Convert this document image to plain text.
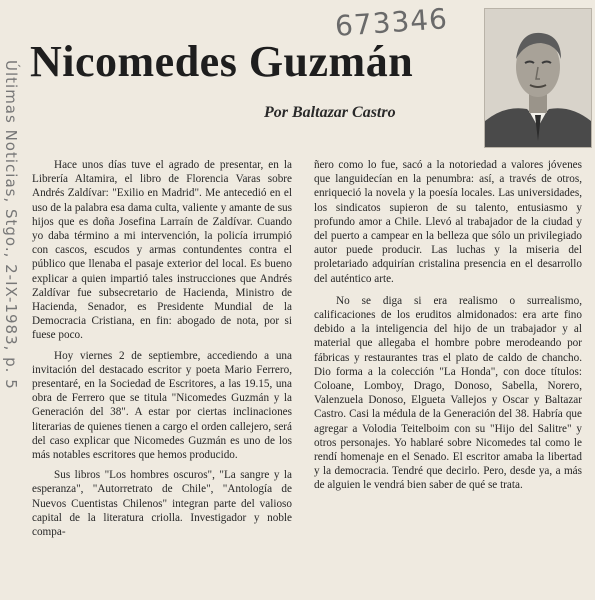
673346
Últimas Noticias, Stgo., 2-IX-1983, p. 5 Nicomedes Guzmán
Por Baltazar Castro

Hace unos días tuve el agrado de presentar, en la Librería Altamira, el libro de Florencia Varas sobre Andrés Zaldívar: "Exilio en Madrid". Me antecedió en el uso de la palabra esa dama culta, valiente y amante de sus hijos que es doña Josefina Larraín de Zaldívar. Cuando yo daba término a mi intervención, la policía irrumpió con cascos, escudos y armas contundentes contra el público que llenaba el pasaje exterior del local. Es bueno explicar a quien impartió tales instrucciones que Andrés Zaldívar fue subsecretario de Hacienda, Ministro de Hacienda, Senador, es Presidente Mundial de la Democracia Cristiana, en fin: abogado de nota, por si fuese poco.

Hoy viernes 2 de septiembre, accediendo a una invitación del destacado escritor y poeta Mario Ferrero, presentaré, en la Sociedad de Escritores, a las 19.15, una obra de Ferrero que se titula "Nicomedes Guzmán y la Generación del 38". A estar por ciertas inclinaciones literarias de quienes tienen a cargo el orden callejero, será del caso explicar que Nicomedes Guzmán es uno de los más notables escritores que hemos producido.

Sus libros "Los hombres oscuros", "La sangre y la esperanza", "Autorretrato de Chile", "Antología de Nuevos Cuentistas Chilenos" integran parte del valioso capital de la literatura criolla. Investigador y noble compa-

ñero como lo fue, sacó a la notoriedad a valores jóvenes que languidecían en la penumbra: así, a través de otros, enriqueció la novela y la poesía locales. Las universidades, los sindicatos supieron de su talento, entusiasmo y profundo amor a Chile. Llevó al trabajador de la ciudad y del puerto a campear en la belleza que sólo un privilegiado autor puede producir. Las luchas y la miseria del proletariado adquirían cristalina presencia en el desarrollo del auténtico arte.

No se diga si era realismo o surrealismo, calificaciones de los eruditos almidonados: era arte fino debido a la inteligencia del hijo de un trabajador y al material que allegaba el hombre pobre merodeando por fábricas y restaurantes tras el plato de caldo de chancho. Dio forma a la colección "La Honda", con doce títulos: Coloane, Lomboy, Drago, Donoso, Sabella, Norero, Valenzuela Donoso, Elgueta Vallejos y Oscar y Baltazar Castro. Casi la médula de la Generación del 38. Habría que agregar a Volodia Teitelboim con su "Hijo del Salitre" y otros personajes. Yo hablaré sobre Nicomedes tal como le rendí homenaje en el Senado. El escritor amaba la libertad y la democracia. Tendré que decirlo. Pero, desde ya, a más de alguien le vendrá bien saber de qué se trata.
